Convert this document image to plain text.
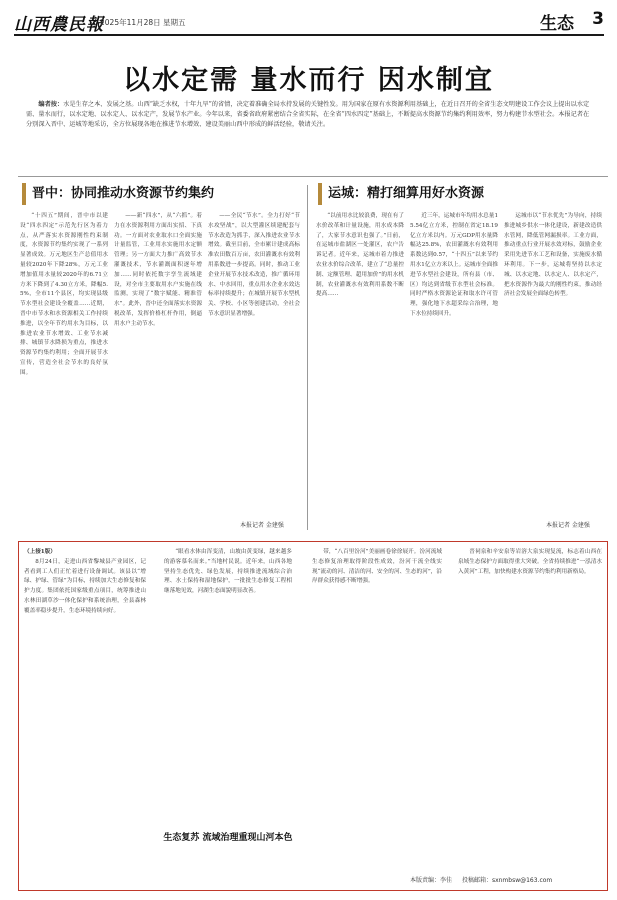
山西農民報
2025年11月28日 星期五	生态 3
以水定需 量水而行 因水制宜
编者按：水是生存之本、发展之基。山西“缺乏水权，十年九旱”的省情，决定着准确全局水持发展的关键性发。用为国家在原有水资源利用基础上，在近日召开的全省生态文明建设工作会议上提出以水定需、量水而行，以水定地、以水定人、以水定产，发展节水产业。今年以来，省委省政府紧密结合全省实际，在全省“四水四定”基础上，不断提高水资源节约集约利用效率，努力构建节水型社会。本报记者在分别深入晋中、运城等地采访，全方位展现各地在推进节水增效、建设美丽山西中形成的鲜活经验，敬请关注。
晋中：协同推动水资源节约集约	运城：精打细算用好水资源

“十四五”期间，晋中市以建设“四水四定”示范先行区为着力点，从严落实水资源刚性约束制度，水资源节约集约实现了一系列显著成效。万元地区生产总值用水量较2020年下降28%，万元工业增加值用水量较2020年的6.71立方米下降到了4.30立方米，降幅5.5%，全市11个县区，均实现县级节水型社会建设全覆盖……近期，晋中市节水和水资源相关工作持续推进，以全年节约用水为目标，以推进农业节水增效、工业节水减排、城镇节水降损为重点，推进水资源节约集约利用；全面开展节水宣传，营造全社会节水的良好氛围。

——新“四水”，从“六抓”。着力在水资源利用方面出实招、下真功。一方面对农业取水口全面实施计量监管，工业用水实施用水定额管理；另一方面大力推广高效节水灌溉技术，节水灌溉面积逐年增加……同时依托数字孪生流域建设，对全市主要取用水户实施在线监测，实现了“数字赋能、精准管水”。此外，晋中还全面落实水资源税改革，发挥价格杠杆作用，倒逼用水户主动节水。

——全民“节水”。全力打好“节水攻坚战”，以大型灌区续建配套与节水改造为抓手，深入推进农业节水增效。截至目前，全市累计建成高标准农田数百万亩，农田灌溉水有效利用系数进一步提高。同时，推动工业企业开展节水技术改造，推广循环用水、中水回用，重点用水企业水效达标率持续提升；在城镇开展节水型机关、学校、小区等创建活动，全社会节水意识显著增强。

本报记者 金建强

“以前用水比较浪费，现在有了水价改革和计量设施，用水成本降了，大家节水意识也强了。”日前，在运城市盐湖区一处灌区，农户告诉记者。近年来，运城市着力推进农业水价综合改革，建立了“总量控制、定额管理、超用加价”的用水机制，农业灌溉水有效利用系数不断提高……

近三年，运城市年均用水总量15.54亿立方米，控制在省定18.19亿立方米以内。万元GDP用水量降幅达25.8%，农田灌溉水有效利用系数达到0.57，“十四五”以来节约用水1亿立方米以上。运城市全面推进节水型社会建设，所有县（市、区）均达到省级节水型社会标准。同时严格水资源论证和取水许可管理，强化地下水超采综合治理，地下水位持续回升。

运城市以“节水优先”为导向，持续推进城乡供水一体化建设，新建改造供水管网，降低管网漏损率。工业方面，推动重点行业开展水效对标，鼓励企业采用先进节水工艺和设备，实施废水循环利用。下一步，运城将坚持以水定城、以水定地、以水定人、以水定产，把水资源作为最大的刚性约束，推动经济社会发展全面绿色转型。

本报记者 金建强

（上接1版）

8月24日，走进山西省黎城县产业园区，记者看到工人们正忙着进行设备调试。该县以“增绿、护绿、管绿”为目标，持续加大生态修复和保护力度。集团依托国家级重点项目，统筹推进山水林田湖草沙一体化保护和系统治理，全县森林覆盖率稳步提升，生态环境持续向好。

“眼看水体由浑变清，山坡由黄变绿，越来越多的游客慕名而来。”当地村民说。近年来，山西各地坚持生态优先、绿色发展，持续推进流域综合治理、水土保持和湿地保护，一批批生态修复工程相继落地见效，河湖生态面貌明显改善。

生态复苏 流域治理重现山河本色

带，“八百里汾河”美丽画卷徐徐展开。汾河流域生态修复治理取得阶段性成效，汾河干流全线实现“流动的河、清洁的河、安全的河、生态的河”，沿岸群众获得感不断增强。

晋祠泉和辛安泉等岩溶大泉实现复流，标志着山西在泉域生态保护方面取得重大突破。全省持续推进“一泓清水入黄河”工程，加快构建水资源节约集约利用新格局。

本版责编：李佳 投稿邮箱：sxnmbsw@163.com
